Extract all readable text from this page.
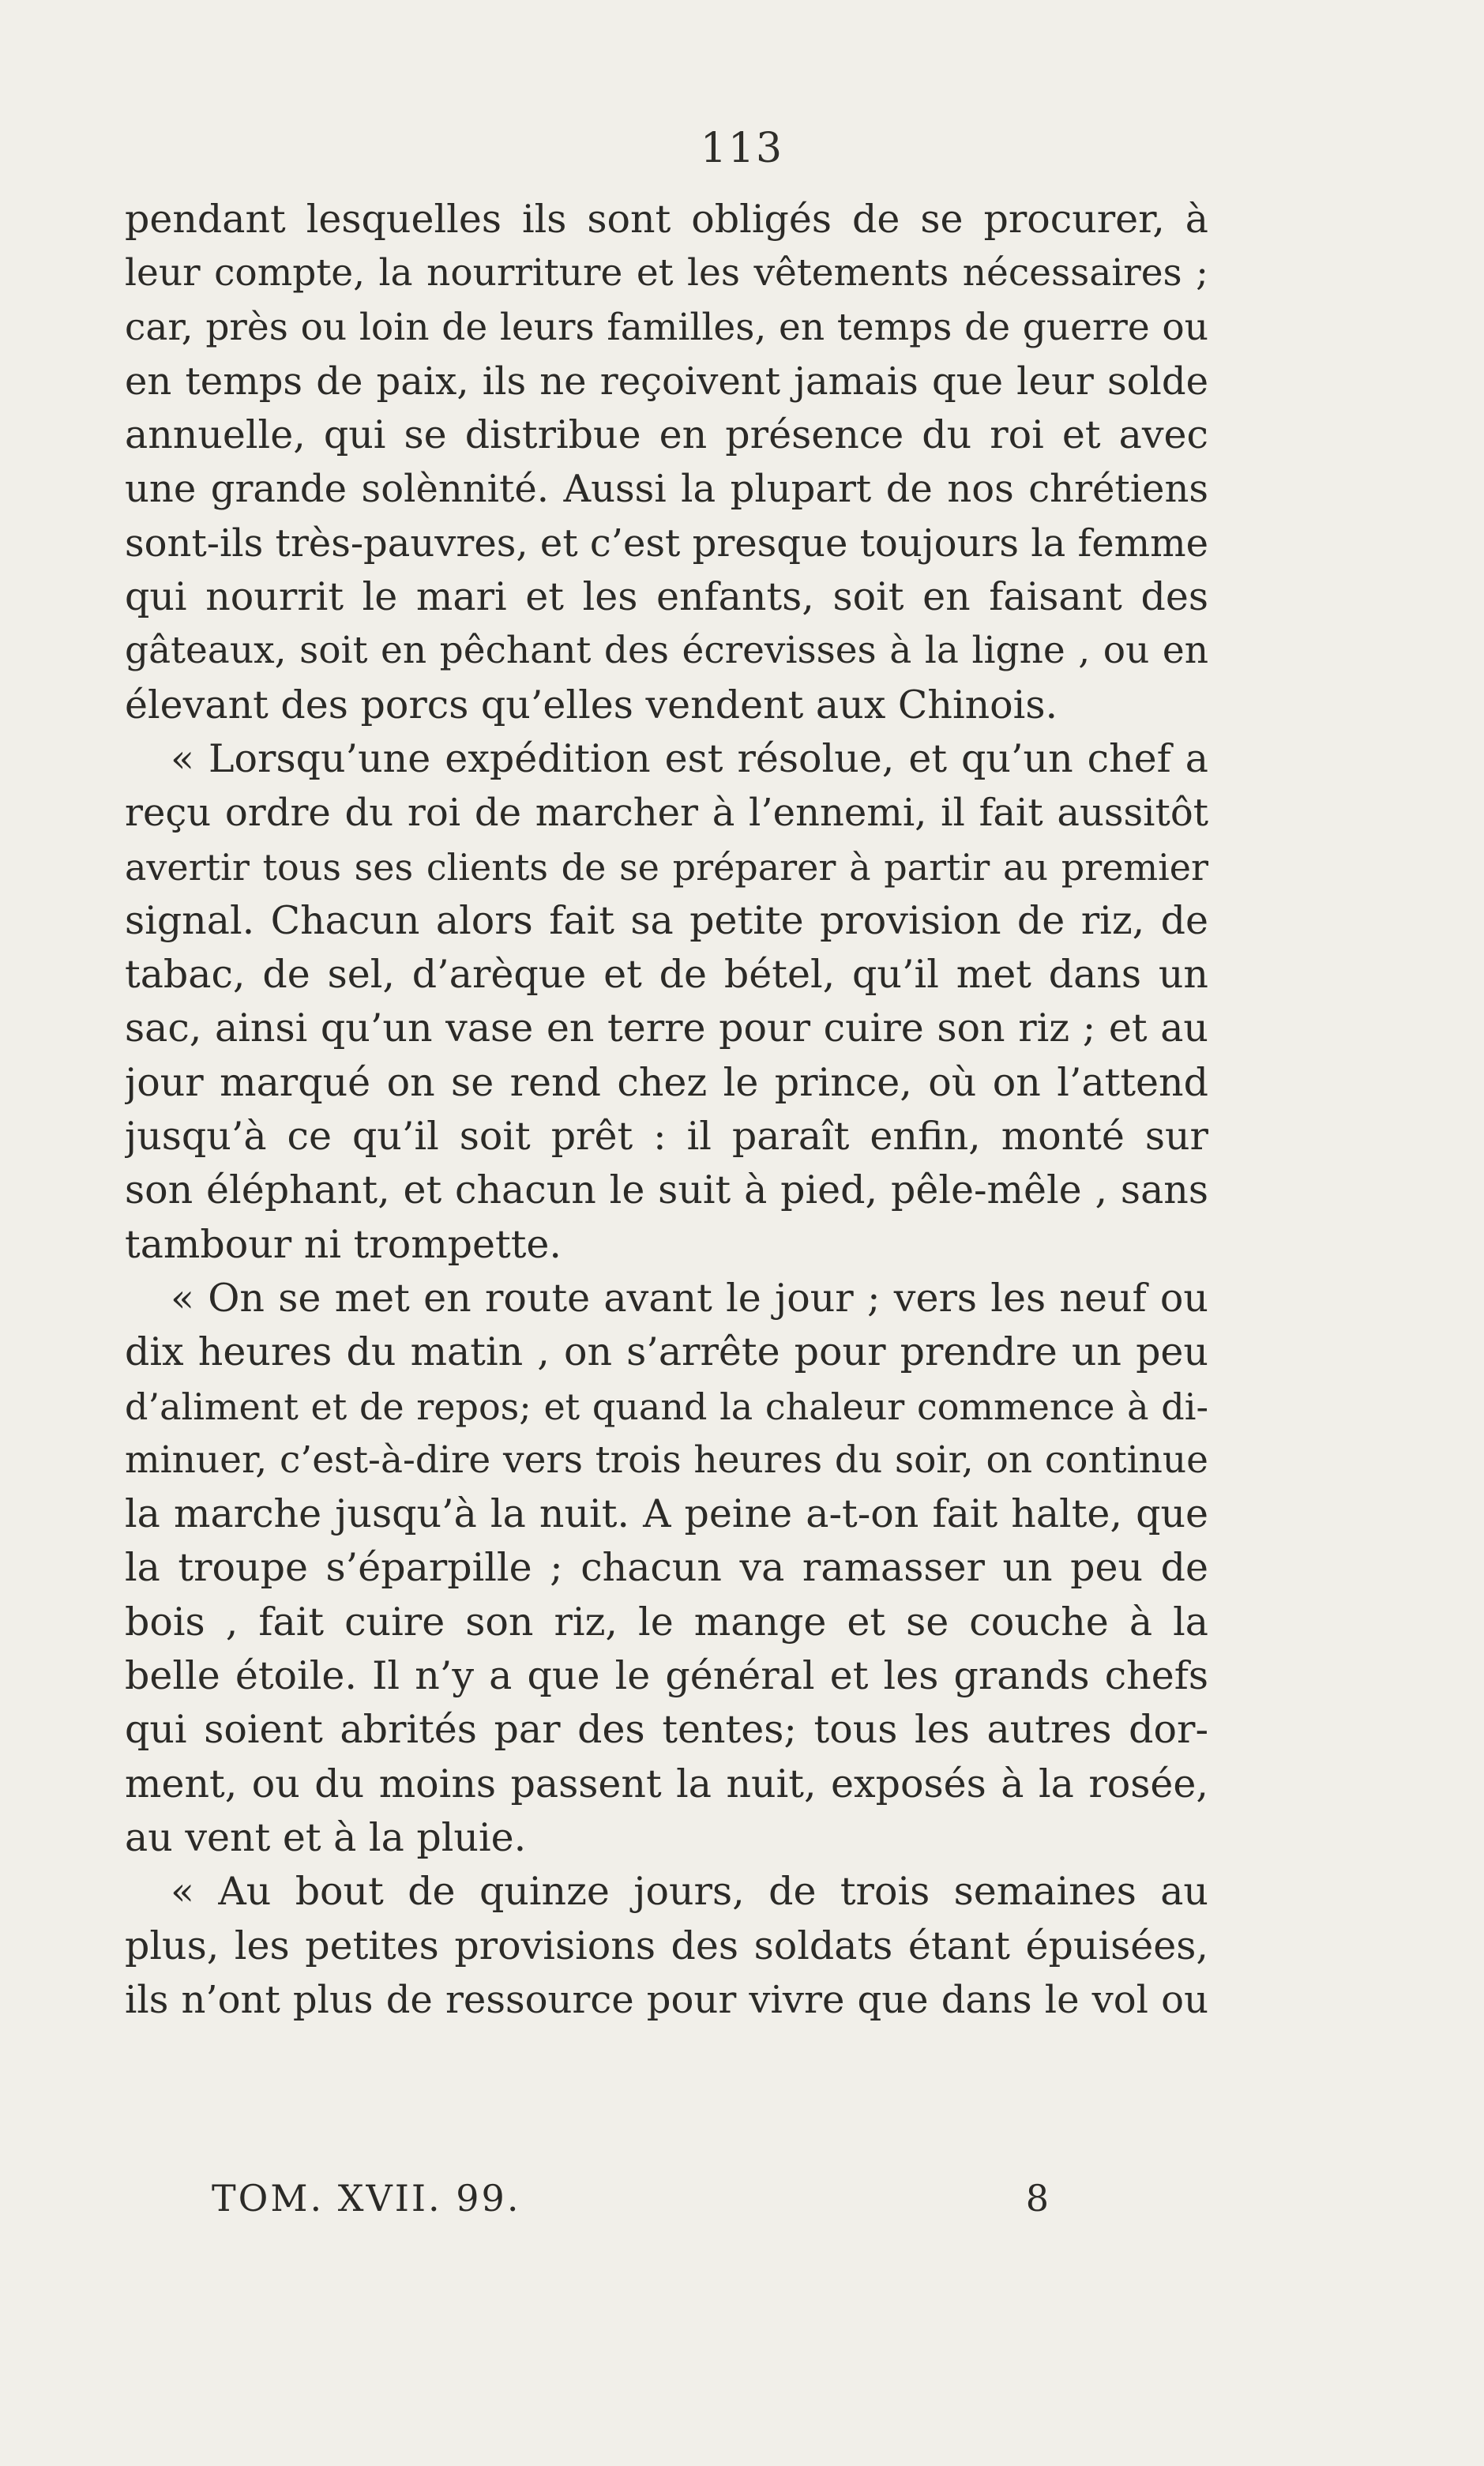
113
pendant lesquelles ils sont obligés de se procurer, à
leur compte, la nourriture et les vêtements nécessaires ;
car, près ou loin de leurs familles, en temps de guerre ou
en temps de paix, ils ne reçoivent jamais que leur solde
annuelle, qui se distribue en présence du roi et avec
une grande solènnité. Aussi la plupart de nos chrétiens
sont-ils très-pauvres, et c’est presque toujours la femme
qui nourrit le mari et les enfants, soit en faisant des
gâteaux, soit en pêchant des écrevisses à la ligne , ou en
élevant des porcs qu’elles vendent aux Chinois.
« Lorsqu’une expédition est résolue, et qu’un chef a
reçu ordre du roi de marcher à l’ennemi, il fait aussitôt
avertir tous ses clients de se préparer à partir au premier
signal. Chacun alors fait sa petite provision de riz, de
tabac, de sel, d’arèque et de bétel, qu’il met dans un
sac, ainsi qu’un vase en terre pour cuire son riz ; et au
jour marqué on se rend chez le prince, où on l’attend
jusqu’à ce qu’il soit prêt : il paraît enfin, monté sur
son éléphant, et chacun le suit à pied, pêle-mêle , sans
tambour ni trompette.
« On se met en route avant le jour ; vers les neuf ou
dix heures du matin , on s’arrête pour prendre un peu
d’aliment et de repos; et quand la chaleur commence à di-
minuer, c’est-à-dire vers trois heures du soir, on continue
la marche jusqu’à la nuit. A peine a-t-on fait halte, que
la troupe s’éparpille ; chacun va ramasser un peu de
bois , fait cuire son riz, le mange et se couche à la
belle étoile. Il n’y a que le général et les grands chefs
qui soient abrités par des tentes; tous les autres dor-
ment, ou du moins passent la nuit, exposés à la rosée,
au vent et à la pluie.
« Au bout de quinze jours, de trois semaines au
plus, les petites provisions des soldats étant épuisées,
ils n’ont plus de ressource pour vivre que dans le vol ou
TOM. XVII. 99.	8
